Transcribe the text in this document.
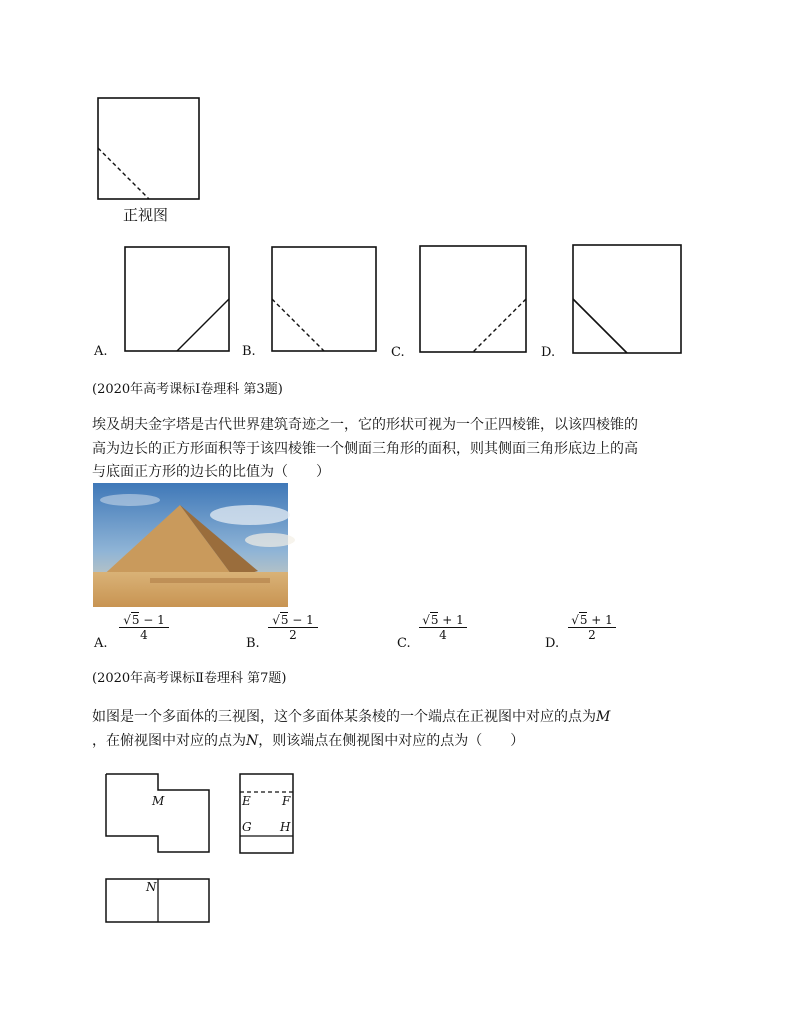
正视图
A.	B.	C.	D.
(2020年高考课标Ⅰ卷理科 第3题)
埃及胡夫金字塔是古代世界建筑奇迹之一，它的形状可视为一个正四棱锥，以该四棱锥的
高为边长的正方形面积等于该四棱锥一个侧面三角形的面积，则其侧面三角形底边上的高
与底面正方形的边长的比值为（　　）
A.
$\frac{√5 - 1}{4}$
B.
$\frac{√5 - 1}{2}$
C.
$\frac{√5 + 1}{4}$
D.
$\frac{√5 + 1}{2}$
(2020年高考课标Ⅱ卷理科 第7题)
如图是一个多面体的三视图，这个多面体某条棱的一个端点在正视图中对应的点为M
，在俯视图中对应的点为N，则该端点在侧视图中对应的点为（　　）
M
N
E	F
G H
